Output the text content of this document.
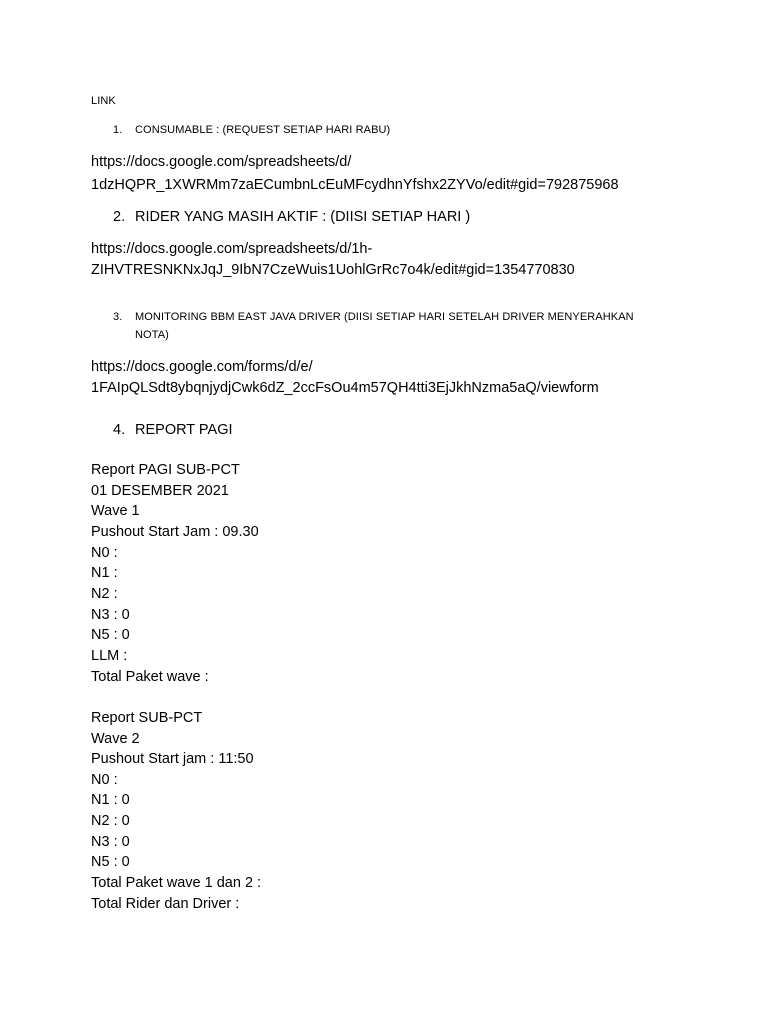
LINK
1. CONSUMABLE : (REQUEST SETIAP HARI RABU)
https://docs.google.com/spreadsheets/d/
1dzHQPR_1XWRMm7zaECumbnLcEuMFcydhnYfshx2ZYVo/edit#gid=792875968
2. RIDER YANG MASIH AKTIF : (DIISI SETIAP HARI )
https://docs.google.com/spreadsheets/d/1h-
ZIHVTRESNKNxJqJ_9IbN7CzeWuis1UohlGrRc7o4k/edit#gid=1354770830
3. MONITORING BBM EAST JAVA DRIVER (DIISI SETIAP HARI SETELAH DRIVER MENYERAHKAN
NOTA)
https://docs.google.com/forms/d/e/
1FAIpQLSdt8ybqnjydjCwk6dZ_2ccFsOu4m57QH4tti3EjJkhNzma5aQ/viewform
4. REPORT PAGI
Report PAGI SUB-PCT
01 DESEMBER 2021
Wave 1
Pushout Start Jam : 09.30
N0 :
N1 :
N2 :
N3 : 0
N5 : 0
LLM :
Total Paket wave :
Report SUB-PCT
Wave 2
Pushout Start jam : 11:50
N0 :
N1 : 0
N2 : 0
N3 : 0
N5 : 0
Total Paket wave 1 dan 2 :
Total Rider dan Driver :
